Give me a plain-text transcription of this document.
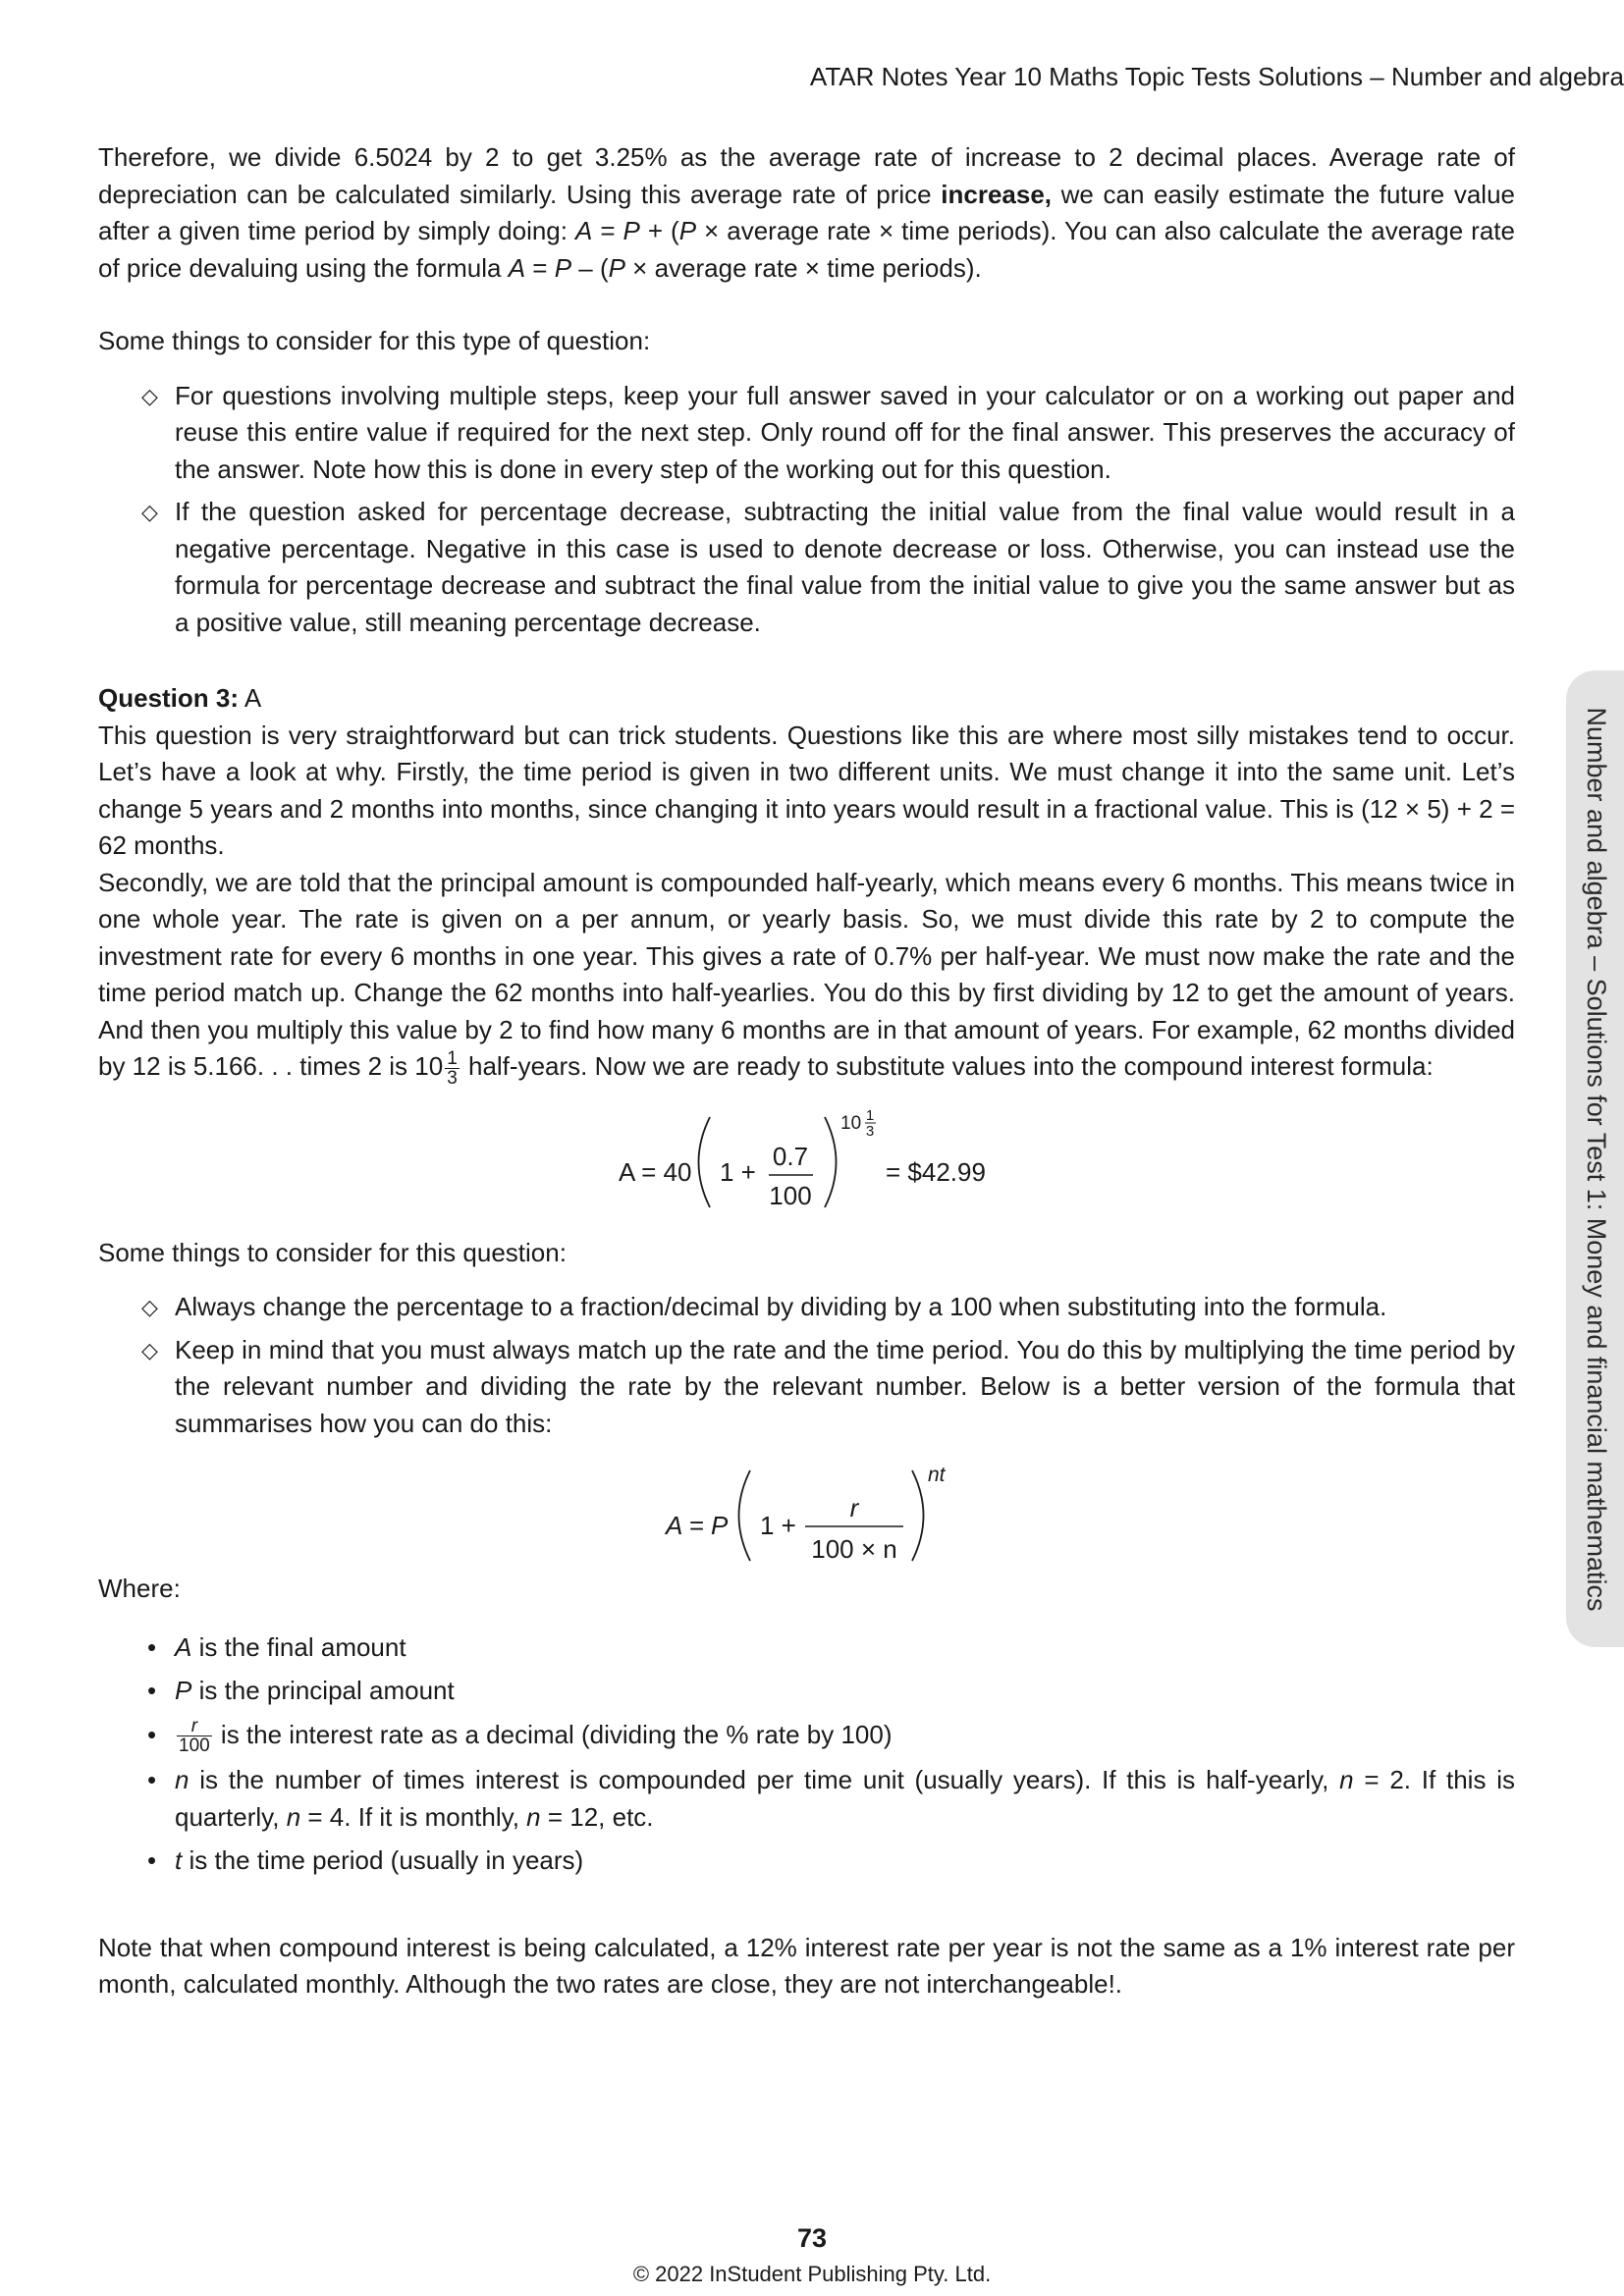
ATAR Notes Year 10 Maths Topic Tests Solutions – Number and algebra
Number and algebra – Solutions for Test 1: Money and financial mathematics

Therefore, we divide 6.5024 by 2 to get 3.25% as the average rate of increase to 2 decimal places. Average rate of depreciation can be calculated similarly. Using this average rate of price increase, we can easily estimate the future value after a given time period by simply doing: A = P + (P × average rate × time periods). You can also calculate the average rate of price devaluing using the formula A = P – (P × average rate × time periods).

Some things to consider for this type of question:

◇ For questions involving multiple steps, keep your full answer saved in your calculator or on a working out paper and reuse this entire value if required for the next step. Only round off for the final answer. This preserves the accuracy of the answer. Note how this is done in every step of the working out for this question.
◇ If the question asked for percentage decrease, subtracting the initial value from the final value would result in a negative percentage. Negative in this case is used to denote decrease or loss. Otherwise, you can instead use the formula for percentage decrease and subtract the final value from the initial value to give you the same answer but as a positive value, still meaning percentage decrease.

Question 3: A

This question is very straightforward but can trick students. Questions like this are where most silly mistakes tend to occur. Let’s have a look at why. Firstly, the time period is given in two different units. We must change it into the same unit. Let’s change 5 years and 2 months into months, since changing it into years would result in a fractional value. This is (12 × 5) + 2 = 62 months.

Secondly, we are told that the principal amount is compounded half-yearly, which means every 6 months. This means twice in one whole year. The rate is given on a per annum, or yearly basis. So, we must divide this rate by 2 to compute the investment rate for every 6 months in one year. This gives a rate of 0.7% per half-year. We must now make the rate and the time period match up. Change the 62 months into half-yearlies. You do this by first dividing by 12 to get the amount of years. And then you multiply this value by 2 to find how many 6 months are in that amount of years. For example, 62 months divided by 12 is 5.166. . . times 2 is $10 \frac{1}{3}$ half-years. Now we are ready to substitute values into the compound interest formula:

A = 40 1 +
0.7
100
10 1
3
= $42.99

Some things to consider for this question:

◇ Always change the percentage to a fraction/decimal by dividing by a 100 when substituting into the formula.
◇ Keep in mind that you must always match up the rate and the time period. You do this by multiplying the time period by the relevant number and dividing the rate by the relevant number. Below is a better version of the formula that summarises how you can do this:
A = P 1 +
r
100 × n
nt

Where:

• A is the final amount
• P is the principal amount
• $\frac{r}{100}$ is the interest rate as a decimal (dividing the % rate by 100)
• n is the number of times interest is compounded per time unit (usually years). If this is half-yearly, n = 2. If this is quarterly, n = 4. If it is monthly, n = 12, etc.
• t is the time period (usually in years)

Note that when compound interest is being calculated, a 12% interest rate per year is not the same as a 1% interest rate per month, calculated monthly. Although the two rates are close, they are not interchangeable!.

73
© 2022 InStudent Publishing Pty. Ltd.
